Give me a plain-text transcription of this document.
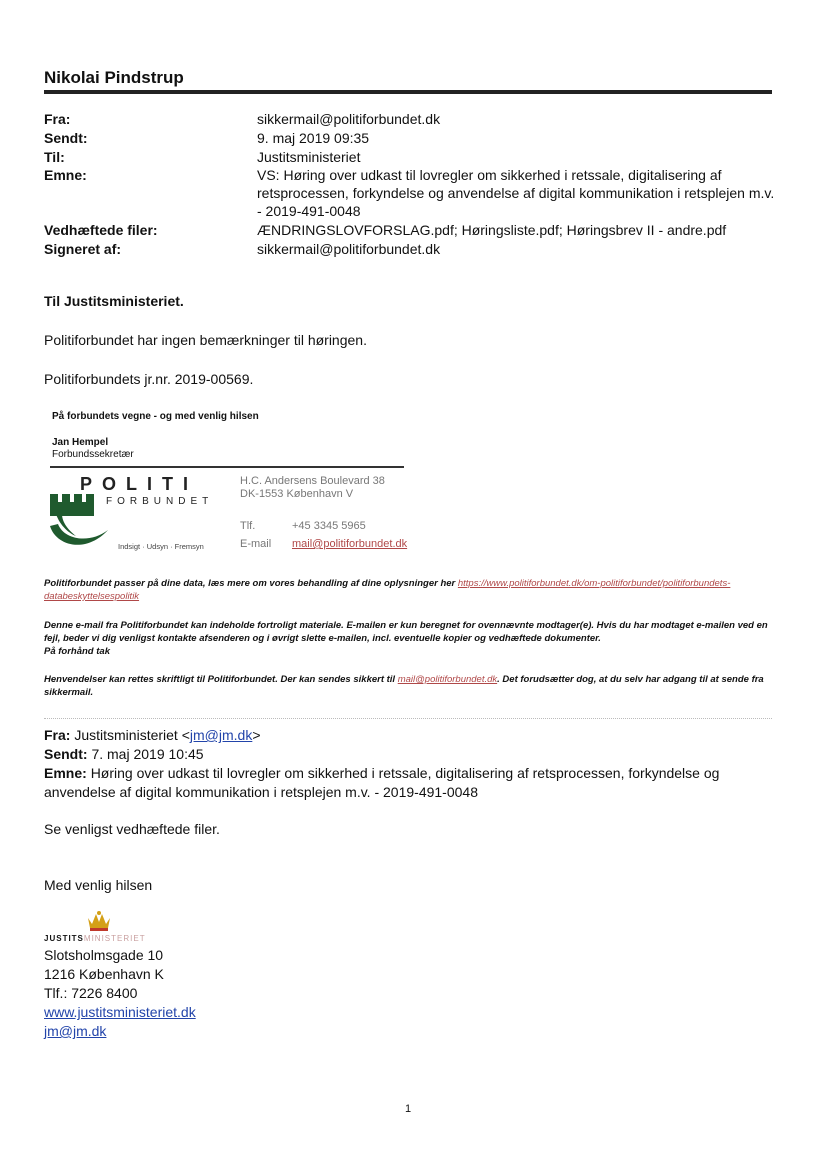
Nikolai Pindstrup
Fra:	sikkermail@politiforbundet.dk
Sendt:	9. maj 2019 09:35
Til:	Justitsministeriet
Emne:	VS: Høring over udkast til lovregler om sikkerhed i retssale, digitalisering af retsprocessen, forkyndelse og anvendelse af digital kommunikation i retsplejen m.v. - 2019-491-0048
Vedhæftede filer:	ÆNDRINGSLOVFORSLAG.pdf; Høringsliste.pdf; Høringsbrev II - andre.pdf
Signeret af:	sikkermail@politiforbundet.dk
Til Justitsministeriet.
Politiforbundet har ingen bemærkninger til høringen.
Politiforbundets jr.nr. 2019-00569.
På forbundets vegne - og med venlig hilsen
Jan Hempel
Forbundssekretær
POLITI
FORBUNDET
Indsigt · Udsyn · Fremsyn
H.C. Andersens Boulevard 38
DK-1553 København V
Tlf.	+45 3345 5965
E-mail mail@politiforbundet.dk
Politiforbundet passer på dine data, læs mere om vores behandling af dine oplysninger her https://www.politiforbundet.dk/om-politiforbundet/politiforbundets-databeskyttelsespolitik
Denne e-mail fra Politiforbundet kan indeholde fortroligt materiale. E-mailen er kun beregnet for ovennævnte modtager(e). Hvis du har modtaget e-mailen ved en fejl, beder vi dig venligst kontakte afsenderen og i øvrigt slette e-mailen, incl. eventuelle kopier og vedhæftede dokumenter.
På forhånd tak
Henvendelser kan rettes skriftligt til Politiforbundet. Der kan sendes sikkert til mail@politiforbundet.dk. Det forudsætter dog, at du selv har adgang til at sende fra sikkermail.
Fra: Justitsministeriet <jm@jm.dk>
Sendt: 7. maj 2019 10:45
Emne: Høring over udkast til lovregler om sikkerhed i retssale, digitalisering af retsprocessen, forkyndelse og anvendelse af digital kommunikation i retsplejen m.v. - 2019-491-0048
Se venligst vedhæftede filer.
Med venlig hilsen
JUSTITSMINISTERIET
Slotsholmsgade 10
1216 København K
Tlf.: 7226 8400
www.justitsministeriet.dk
jm@jm.dk
1
